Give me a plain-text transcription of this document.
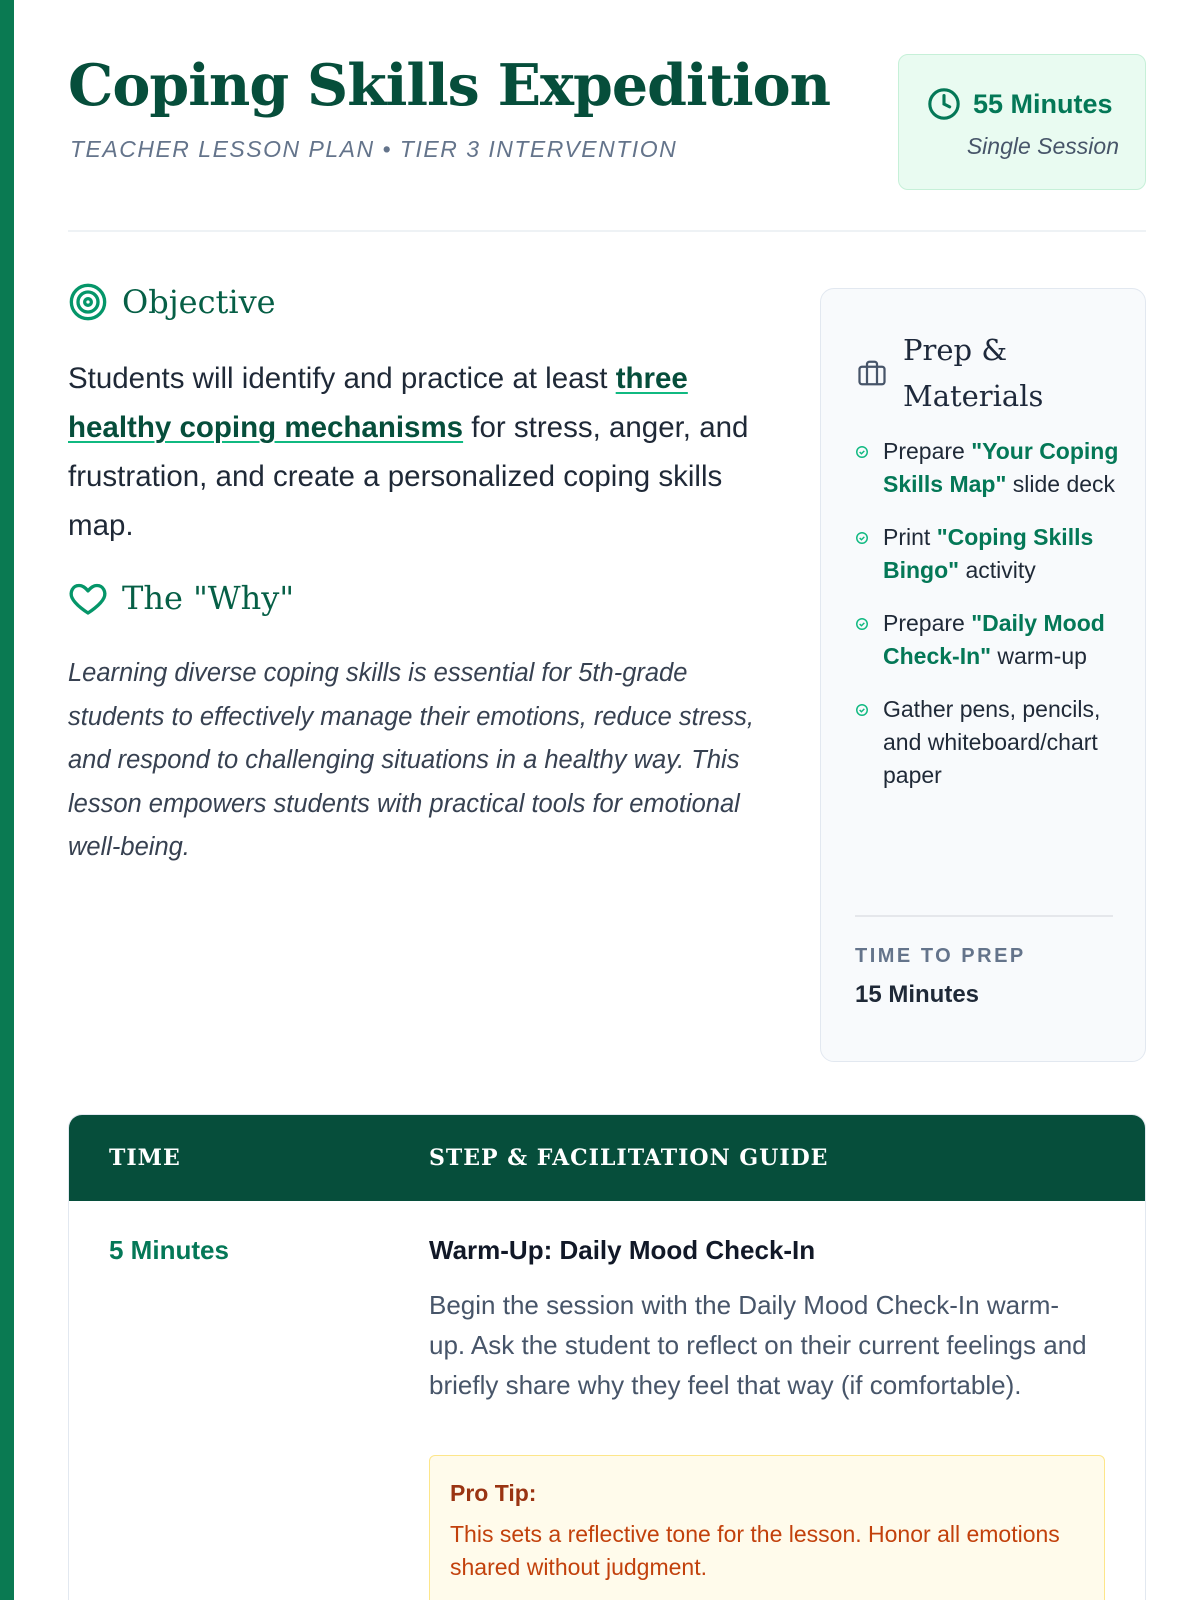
Coping Skills Expedition
TEACHER LESSON PLAN • TIER 3 INTERVENTION
55 Minutes
Single Session
Objective

Students will identify and practice at least three healthy coping mechanisms for stress, anger, and frustration, and create a personalized coping skills map.

The "Why"

Learning diverse coping skills is essential for 5th-grade students to effectively manage their emotions, reduce stress, and respond to challenging situations in a healthy way. This lesson empowers students with practical tools for emotional well-being.

Prep & Materials
Prepare "Your Coping Skills Map" slide deck
Print "Coping Skills Bingo" activity
Prepare "Daily Mood Check-In" warm-up
Gather pens, pencils, and whiteboard/chart paper
TIME TO PREP
15 Minutes
TIME	STEP & FACILITATION GUIDE
5 Minutes	Warm-Up: Daily Mood Check-In

Begin the session with the Daily Mood Check-In warm-up. Ask the student to reflect on their current feelings and briefly share why they feel that way (if comfortable).

Pro Tip:

This sets a reflective tone for the lesson. Honor all emotions shared without judgment.
